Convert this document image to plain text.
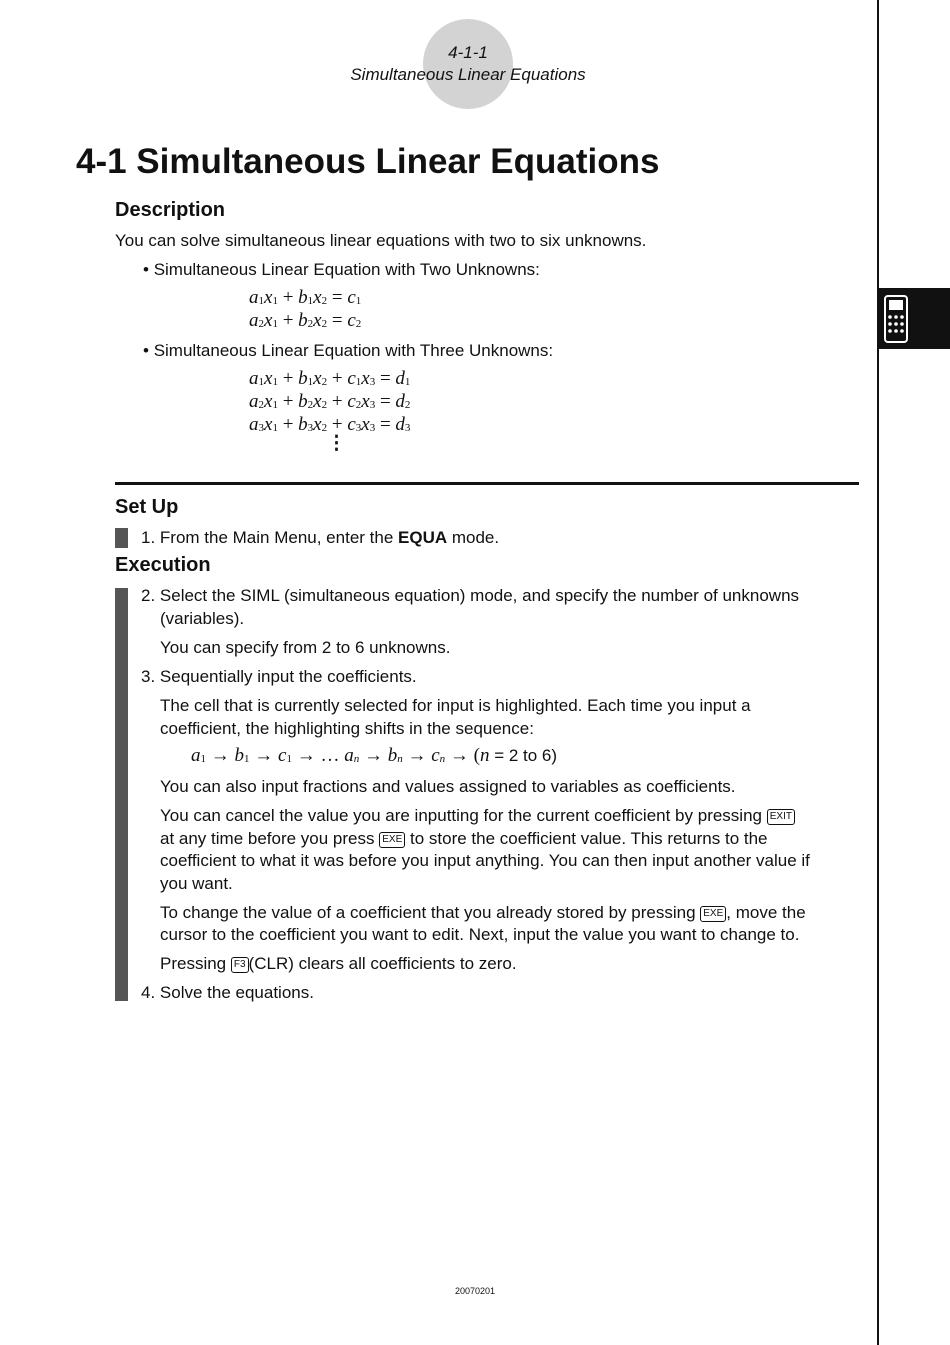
4-1-1
Simultaneous Linear Equations
4-1 Simultaneous Linear Equations
Description
You can solve simultaneous linear equations with two to six unknowns.
• Simultaneous Linear Equation with Two Unknowns:
$a_1x_1 + b_1x_2 = c_1$
$a_2x_1 + b_2x_2 = c_2$
• Simultaneous Linear Equation with Three Unknowns:
$a_1x_1 + b_1x_2 + c_1x_3 = d_1$
$a_2x_1 + b_2x_2 + c_2x_3 = d_2$
$a_3x_1 + b_3x_2 + c_3x_3 = d_3$
⋮
Set Up
1. From the Main Menu, enter the EQUA mode.
Execution
2. Select the SIML (simultaneous equation) mode, and specify the number of unknowns
(variables).
You can specify from 2 to 6 unknowns.
3. Sequentially input the coefficients.
The cell that is currently selected for input is highlighted. Each time you input a
coefficient, the highlighting shifts in the sequence:
$a_1 \to b_1 \to c_1$ → … $a_n \to b_n \to c_n \to (n = 2$ to 6)
You can also input fractions and values assigned to variables as coefficients.
You can cancel the value you are inputting for the current coefficient by pressing EXIT
at any time before you press EXE to store the coefficient value. This returns to the
coefficient to what it was before you input anything. You can then input another value if
you want.
To change the value of a coefficient that you already stored by pressing EXE , move the
cursor to the coefficient you want to edit. Next, input the value you want to change to.
Pressing F3 (CLR) clears all coefficients to zero.
4. Solve the equations.
20070201
